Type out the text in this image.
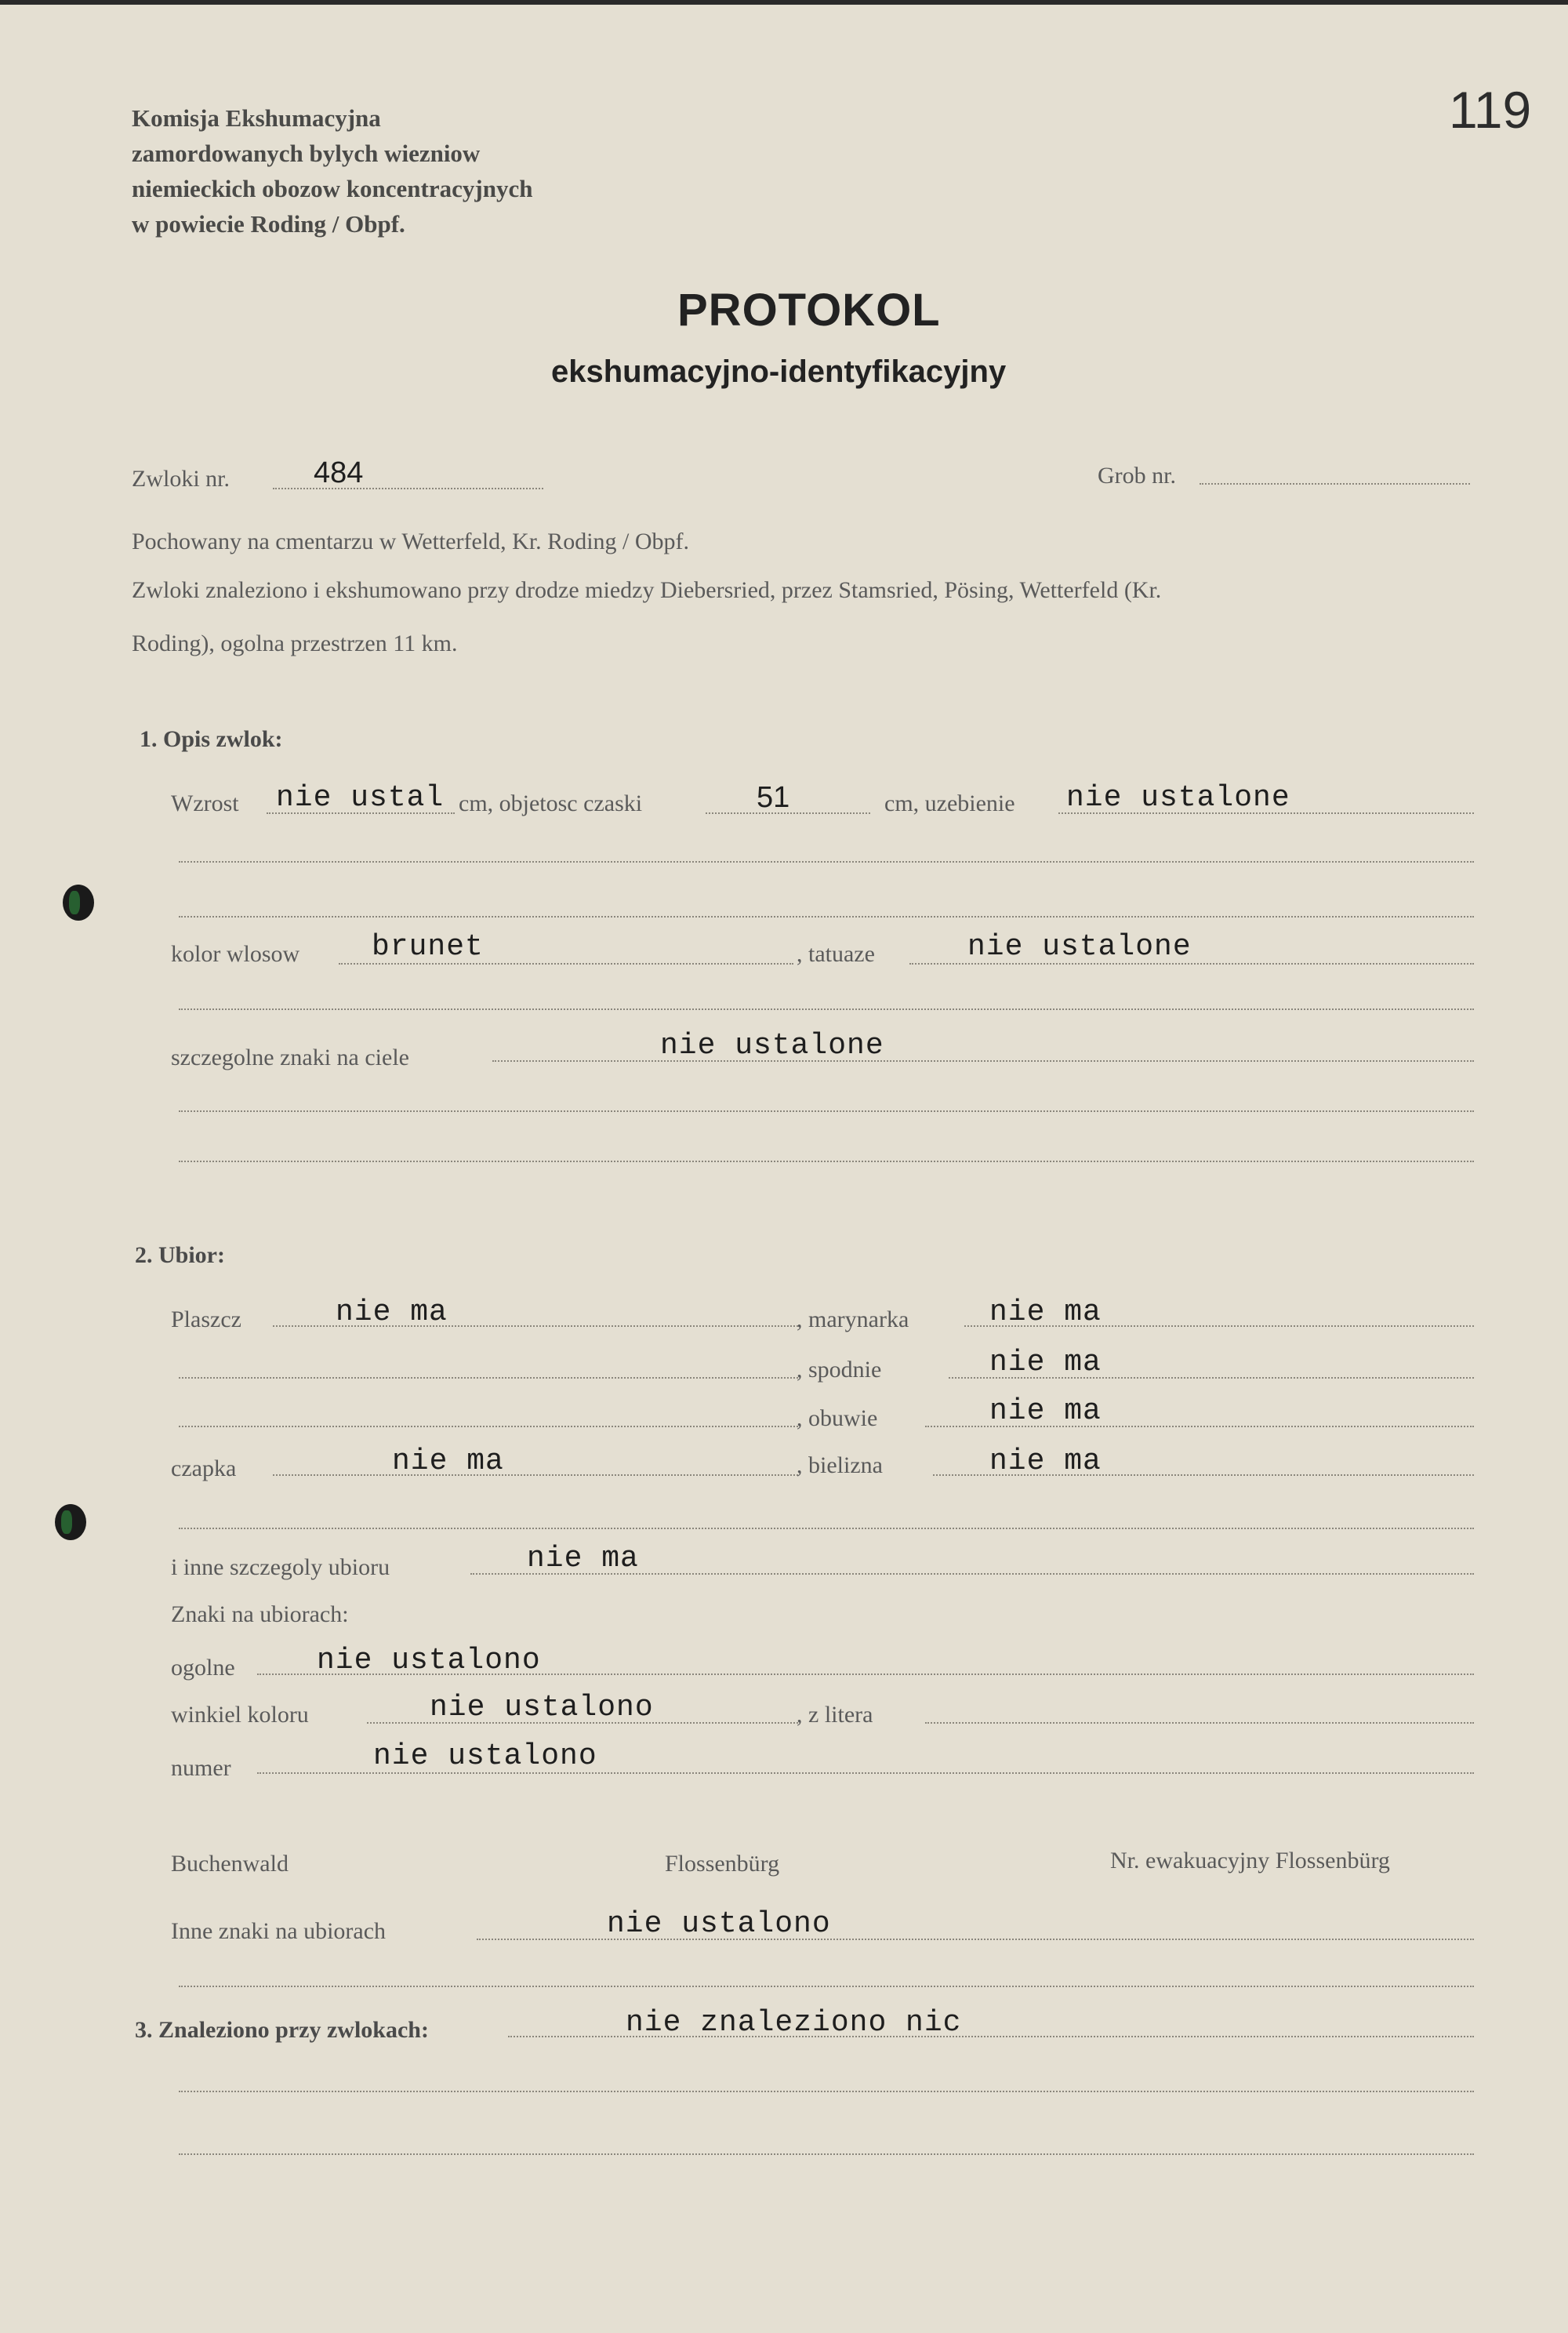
Komisja Ekshumacyjna
zamordowanych bylych wiezniow
niemieckich obozow koncentracyjnych
w powiecie Roding / Obpf.
119
PROTOKOL
ekshumacyjno-identyfikacyjny
Zwloki nr.	484	Grob nr.
Pochowany na cmentarzu w Wetterfeld, Kr. Roding / Obpf.
Zwloki znaleziono i ekshumowano przy drodze miedzy Diebersried, przez Stamsried, Pösing, Wetterfeld (Kr.
Roding), ogolna przestrzen 11 km.
1. Opis zwlok:
Wzrost nie ustal cm, objetosc czaski	51	cm, uzebienie nie ustalone
kolor wlosow brunet	, tatuaze	nie ustalone
szczegolne znaki na ciele	nie ustalone
2. Ubior:
Plaszcz	nie ma	, marynarka	nie ma
, spodnie	nie ma
, obuwie	nie ma
czapka	nie ma	, bielizna	nie ma
i inne szczegoly ubioru	nie ma
Znaki na ubiorach:
ogolne	nie ustalono
winkiel koloru	nie ustalono	, z litera
numer	nie ustalono
Buchenwald	Flossenbürg	Nr. ewakuacyjny Flossenbürg
Inne znaki na ubiorach	nie ustalono
3. Znaleziono przy zwlokach:	nie znaleziono nic
